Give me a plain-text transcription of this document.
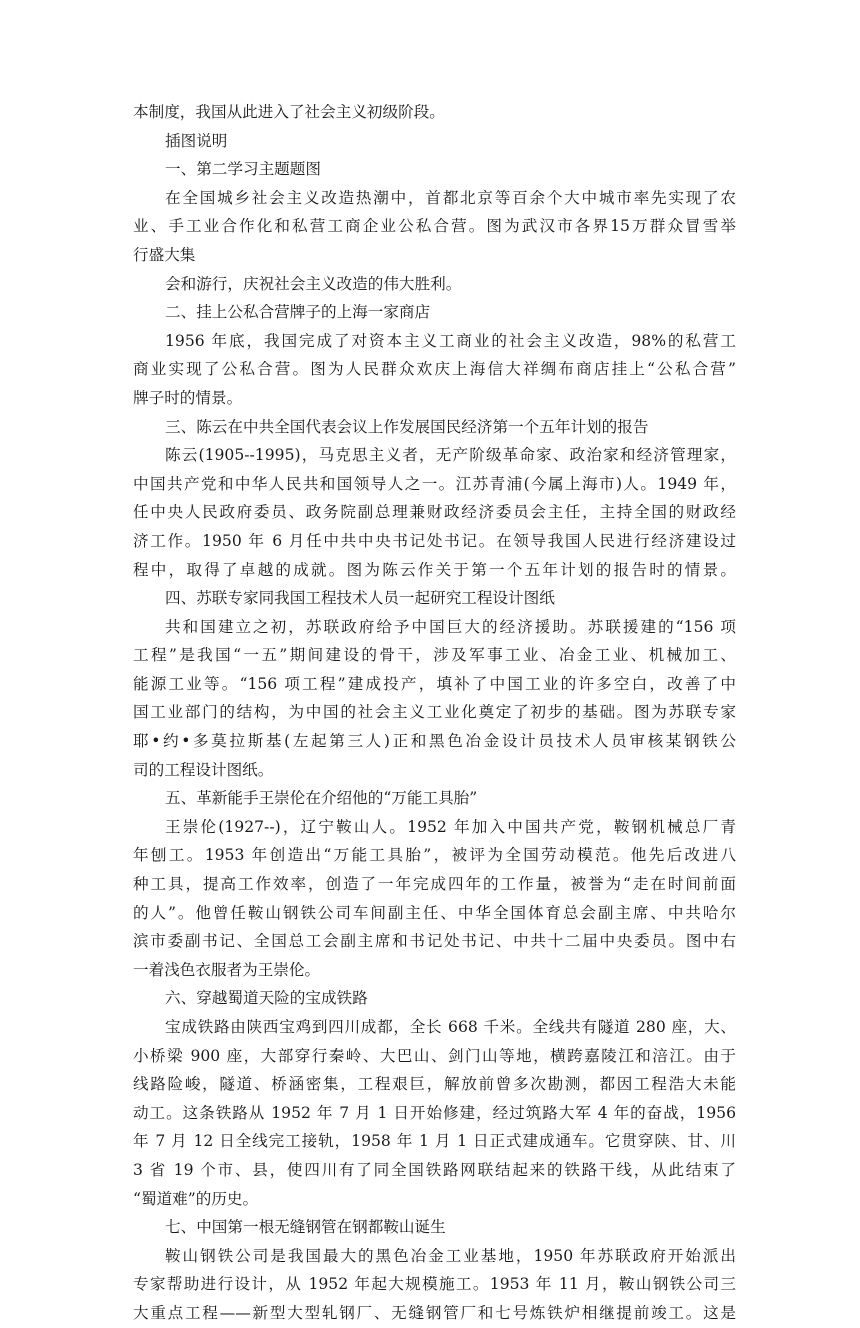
本制度，我国从此进入了社会主义初级阶段。
插图说明
一、第二学习主题题图
在全国城乡社会主义改造热潮中，首都北京等百余个大中城市率先实现了农
业、手工业合作化和私营工商企业公私合营。图为武汉市各界15万群众冒雪举
行盛大集
会和游行，庆祝社会主义改造的伟大胜利。
二、挂上公私合营牌子的上海一家商店
1956 年底，我国完成了对资本主义工商业的社会主义改造，98%的私营工
商业实现了公私合营。图为人民群众欢庆上海信大祥绸布商店挂上“公私合营”
牌子时的情景。
三、陈云在中共全国代表会议上作发展国民经济第一个五年计划的报告
陈云(1905--1995)，马克思主义者，无产阶级革命家、政治家和经济管理家，
中国共产党和中华人民共和国领导人之一。江苏青浦(今属上海市)人。1949 年，
任中央人民政府委员、政务院副总理兼财政经济委员会主任，主持全国的财政经
济工作。1950 年 6 月任中共中央书记处书记。在领导我国人民进行经济建设过
程中，取得了卓越的成就。图为陈云作关于第一个五年计划的报告时的情景。
四、苏联专家同我国工程技术人员一起研究工程设计图纸
共和国建立之初，苏联政府给予中国巨大的经济援助。苏联援建的“156 项
工程”是我国“一五”期间建设的骨干，涉及军事工业、冶金工业、机械加工、
能源工业等。“156 项工程”建成投产，填补了中国工业的许多空白，改善了中
国工业部门的结构，为中国的社会主义工业化奠定了初步的基础。图为苏联专家
耶•约•多莫拉斯基(左起第三人)正和黑色冶金设计员技术人员审核某钢铁公
司的工程设计图纸。
五、革新能手王崇伦在介绍他的“万能工具胎”
王崇伦(1927--)，辽宁鞍山人。1952 年加入中国共产党，鞍钢机械总厂青
年刨工。1953 年创造出“万能工具胎”，被评为全国劳动模范。他先后改进八
种工具，提高工作效率，创造了一年完成四年的工作量，被誉为“走在时间前面
的人”。他曾任鞍山钢铁公司车间副主任、中华全国体育总会副主席、中共哈尔
滨市委副书记、全国总工会副主席和书记处书记、中共十二届中央委员。图中右
一着浅色衣服者为王崇伦。
六、穿越蜀道天险的宝成铁路
宝成铁路由陕西宝鸡到四川成都，全长 668 千米。全线共有隧道 280 座，大、
小桥梁 900 座，大部穿行秦岭、大巴山、剑门山等地，横跨嘉陵江和涪江。由于
线路险峻，隧道、桥涵密集，工程艰巨，解放前曾多次勘测，都因工程浩大未能
动工。这条铁路从 1952 年 7 月 1 日开始修建，经过筑路大军 4 年的奋战，1956
年 7 月 12 日全线完工接轨，1958 年 1 月 1 日正式建成通车。它贯穿陕、甘、川
3 省 19 个市、县，使四川有了同全国铁路网联结起来的铁路干线，从此结束了
“蜀道难”的历史。
七、中国第一根无缝钢管在钢都鞍山诞生
鞍山钢铁公司是我国最大的黑色冶金工业基地，1950 年苏联政府开始派出
专家帮助进行设计，从 1952 年起大规模施工。1953 年 11 月，鞍山钢铁公司三
大重点工程——新型大型轧钢厂、无缝钢管厂和七号炼铁炉相继提前竣工。这是
